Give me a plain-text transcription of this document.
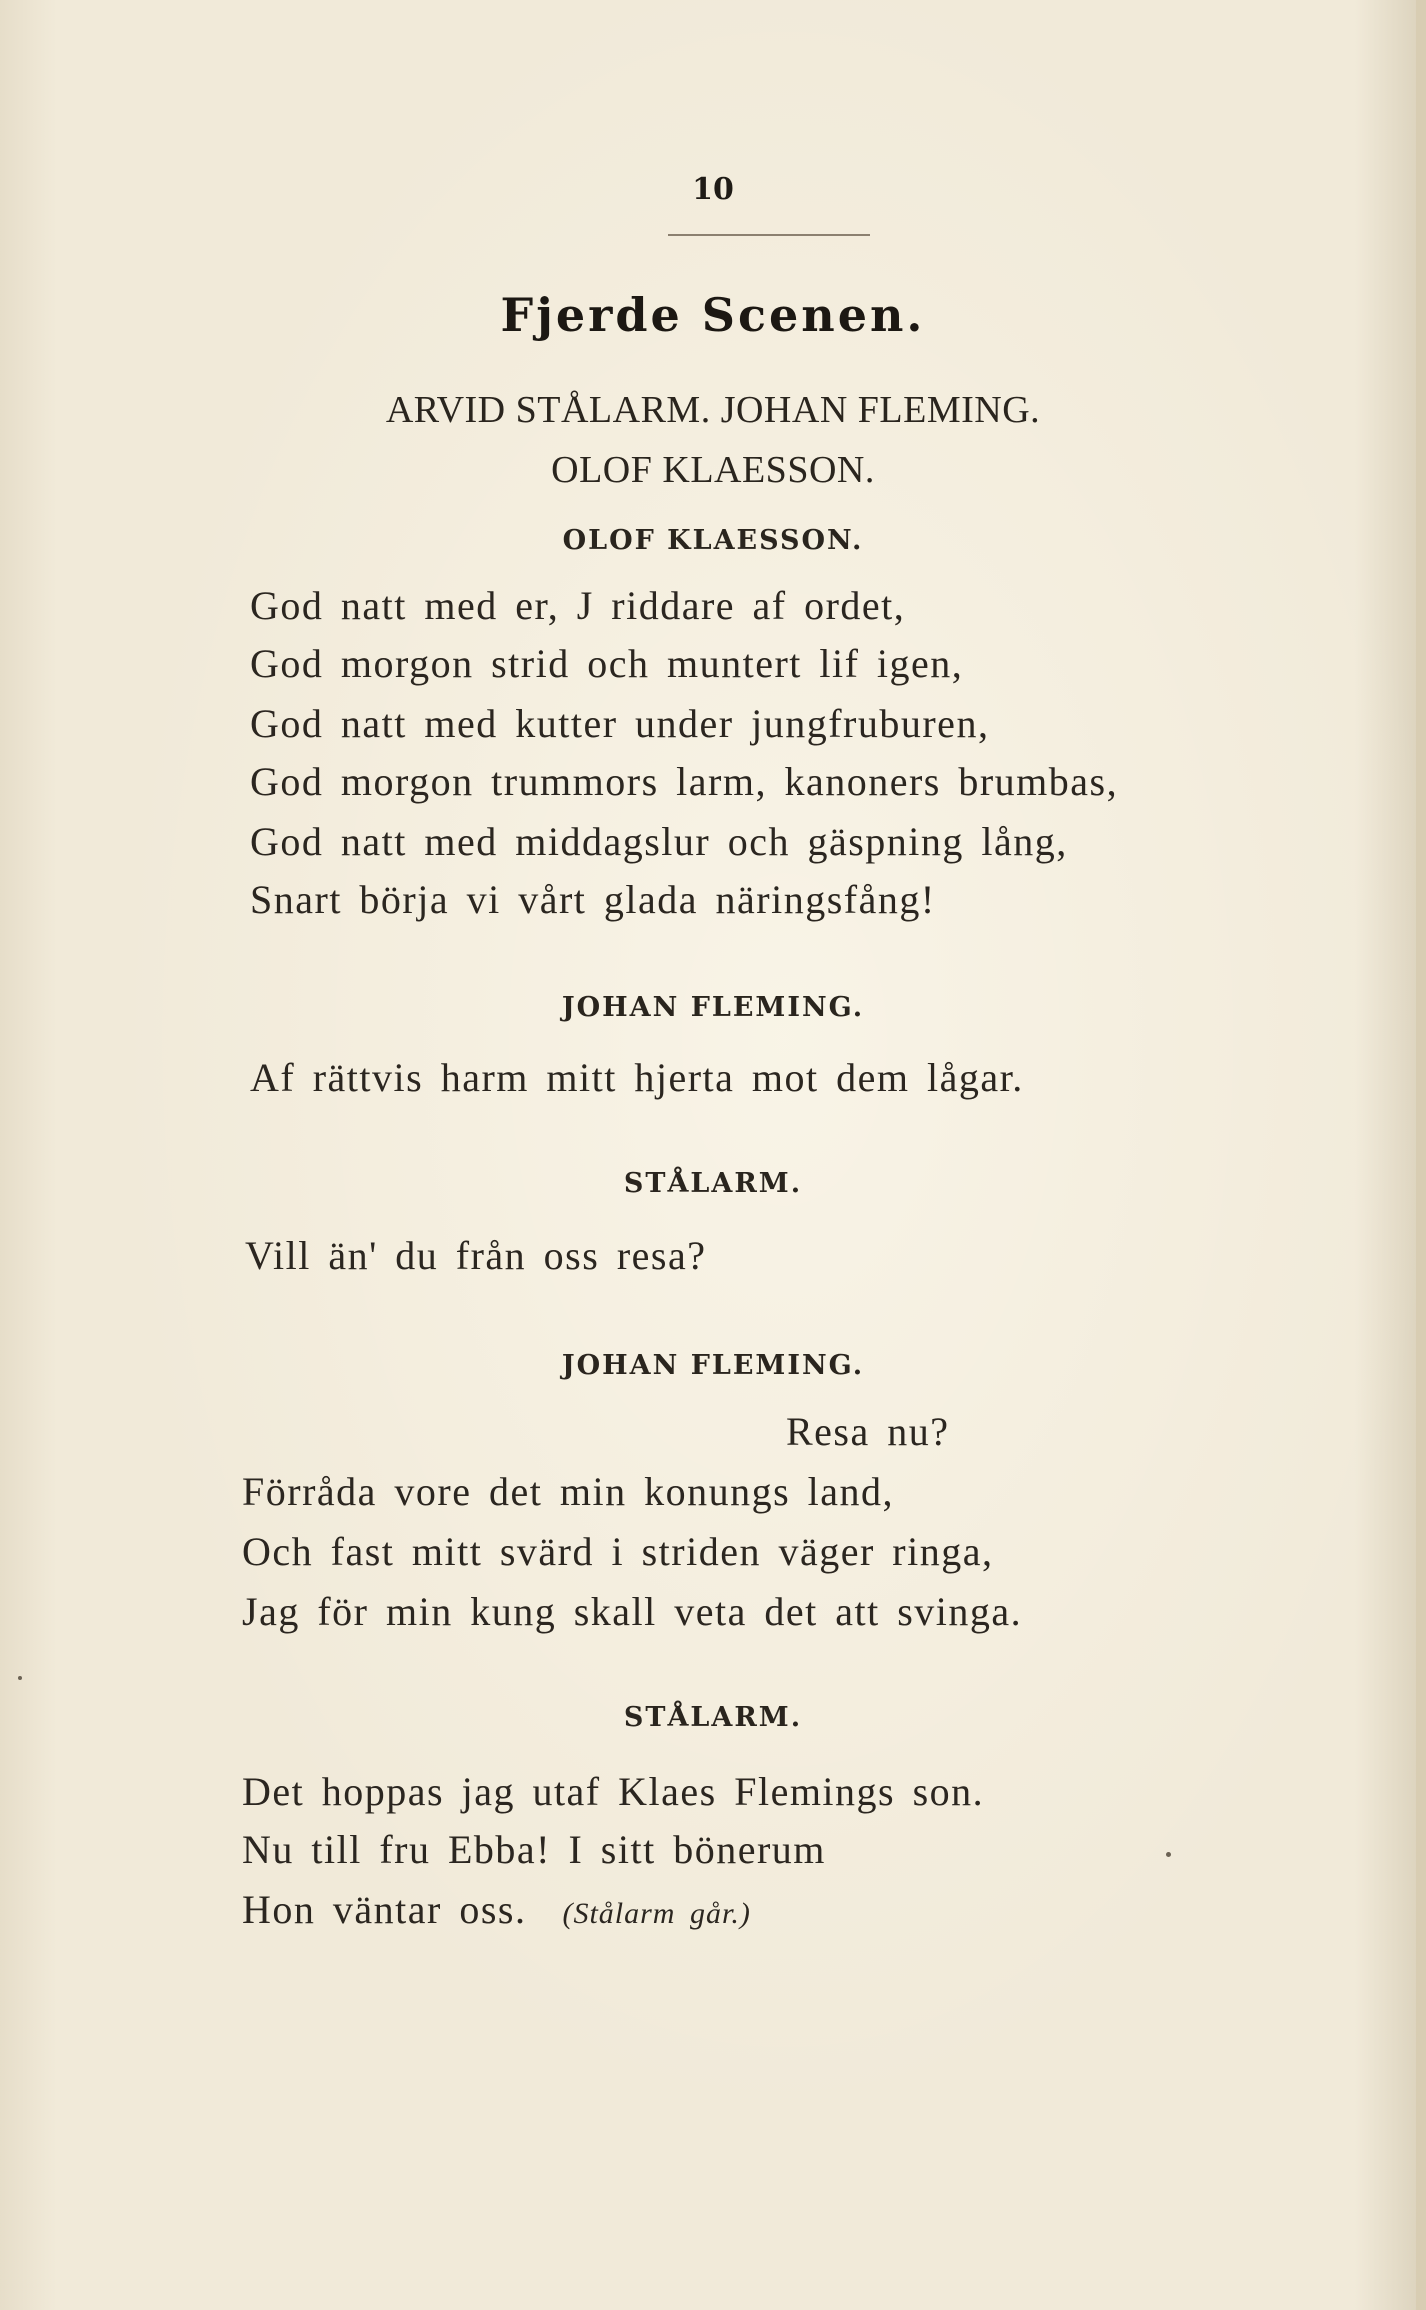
10
Fjerde Scenen.
ARVID STÅLARM. JOHAN FLEMING.
OLOF KLAESSON.
OLOF KLAESSON.
God natt med er, J riddare af ordet,
God morgon strid och muntert lif igen,
God natt med kutter under jungfruburen,
God morgon trummors larm, kanoners brumbas,
God natt med middagslur och gäspning lång,
Snart börja vi vårt glada näringsfång!
JOHAN FLEMING.
Af rättvis harm mitt hjerta mot dem lågar.
STÅLARM.
Vill än' du från oss resa?
JOHAN FLEMING.
Resa nu?
Förråda vore det min konungs land,
Och fast mitt svärd i striden väger ringa,
Jag för min kung skall veta det att svinga.
STÅLARM.
Det hoppas jag utaf Klaes Flemings son.
Nu till fru Ebba! I sitt bönerum
Hon väntar oss. (Stålarm går.)
